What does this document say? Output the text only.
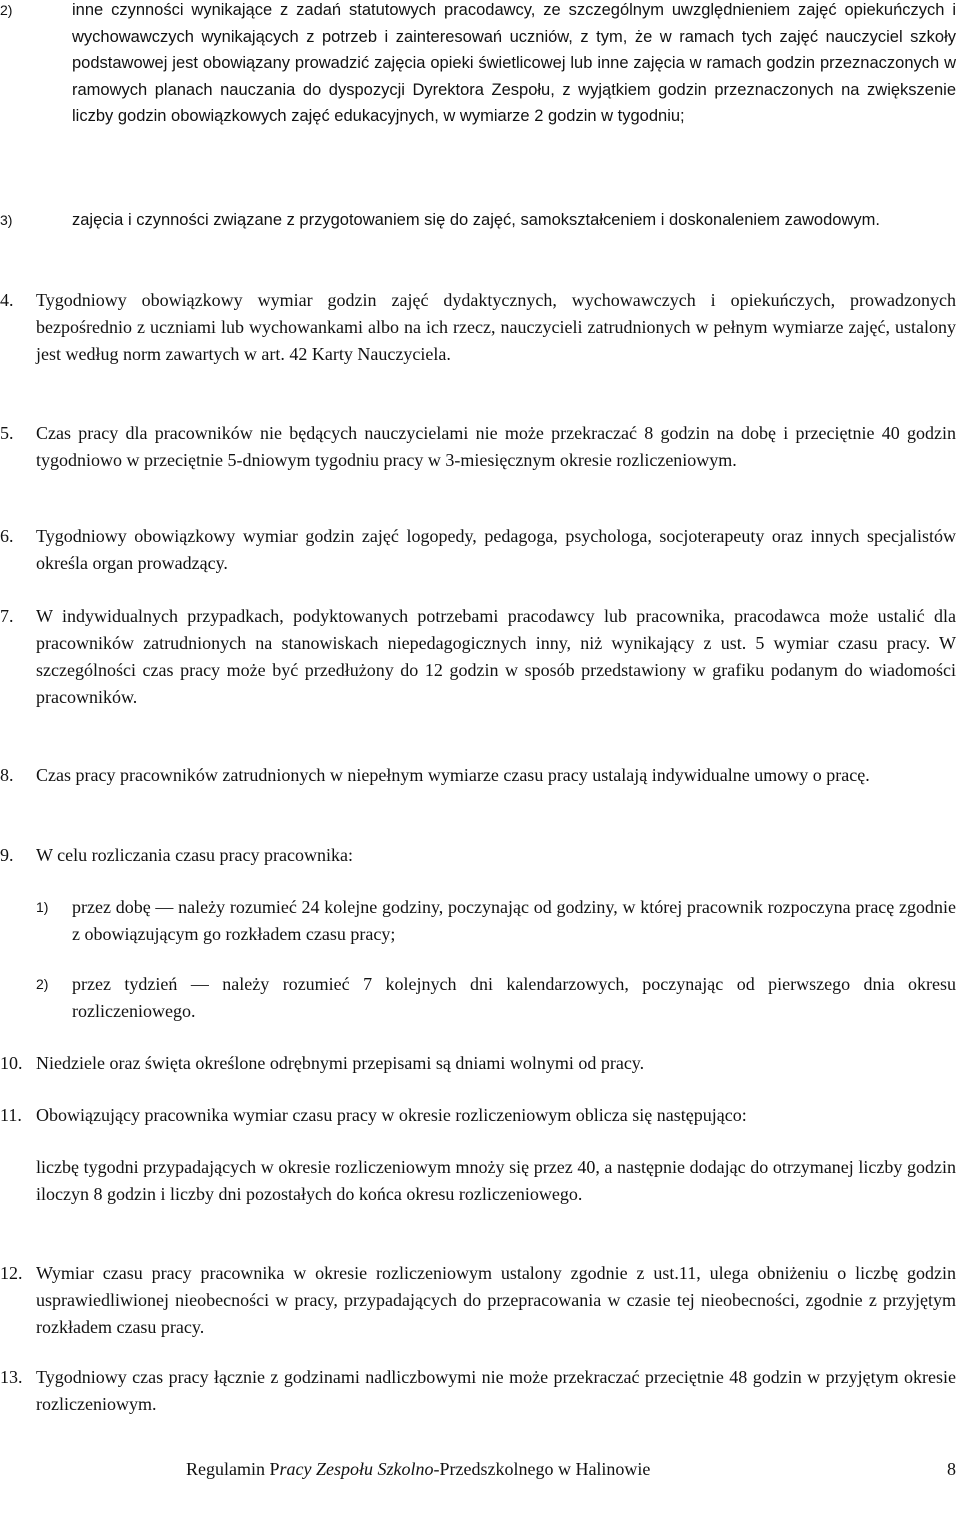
2)	inne czynności wynikające z zadań statutowych pracodawcy, ze szczególnym uwzględnieniem zajęć opiekuńczych i wychowawczych wynikających z potrzeb i zainteresowań uczniów, z tym, że w ramach tych zajęć nauczyciel szkoły podstawowej jest obowiązany prowadzić zajęcia opieki świetlicowej lub inne zajęcia w ramach godzin przeznaczonych w ramowych planach nauczania do dyspozycji Dyrektora Zespołu, z wyjątkiem godzin przeznaczonych na zwiększenie liczby godzin obowiązkowych zajęć edukacyjnych, w wymiarze 2 godzin w tygodniu;
3)	zajęcia i czynności związane z przygotowaniem się do zajęć, samokształceniem i doskonaleniem zawodowym.
4. Tygodniowy obowiązkowy wymiar godzin zajęć dydaktycznych, wychowawczych i opiekuńczych, prowadzonych bezpośrednio z uczniami lub wychowankami albo na ich rzecz, nauczycieli zatrudnionych w pełnym wymiarze zajęć, ustalony jest według norm zawartych w art. 42 Karty Nauczyciela.
5. Czas pracy dla pracowników nie będących nauczycielami nie może przekraczać 8 godzin na dobę i przeciętnie 40 godzin tygodniowo w przeciętnie 5-dniowym tygodniu pracy w 3-miesięcznym okresie rozliczeniowym.
6. Tygodniowy obowiązkowy wymiar godzin zajęć logopedy, pedagoga, psychologa, socjoterapeuty oraz innych specjalistów określa organ prowadzący.
7. W indywidualnych przypadkach, podyktowanych potrzebami pracodawcy lub pracownika, pracodawca może ustalić dla pracowników zatrudnionych na stanowiskach niepedagogicznych inny, niż wynikający z ust. 5 wymiar czasu pracy. W szczególności czas pracy może być przedłużony do 12 godzin w sposób przedstawiony w grafiku podanym do wiadomości pracowników.
8. Czas pracy pracowników zatrudnionych w niepełnym wymiarze czasu pracy ustalają indywidualne umowy o pracę.
9. W celu rozliczania czasu pracy pracownika:
1) przez dobę — należy rozumieć 24 kolejne godziny, poczynając od godziny, w której pracownik rozpoczyna pracę zgodnie z obowiązującym go rozkładem czasu pracy;
2) przez tydzień — należy rozumieć 7 kolejnych dni kalendarzowych, poczynając od pierwszego dnia okresu rozliczeniowego.
10. Niedziele oraz święta określone odrębnymi przepisami są dniami wolnymi od pracy.
11. Obowiązujący pracownika wymiar czasu pracy w okresie rozliczeniowym oblicza się następująco:
liczbę tygodni przypadających w okresie rozliczeniowym mnoży się przez 40, a następnie dodając do otrzymanej liczby godzin iloczyn 8 godzin i liczby dni pozostałych do końca okresu rozliczeniowego.
12. Wymiar czasu pracy pracownika w okresie rozliczeniowym ustalony zgodnie z ust.11, ulega obniżeniu o liczbę godzin usprawiedliwionej nieobecności w pracy, przypadających do przepracowania w czasie tej nieobecności, zgodnie z przyjętym rozkładem czasu pracy.
13. Tygodniowy czas pracy łącznie z godzinami nadliczbowymi nie może przekraczać przeciętnie 48 godzin w przyjętym okresie rozliczeniowym.
Regulamin Pracy Zespołu Szkolno-Przedszkolnego w Halinowie	8
